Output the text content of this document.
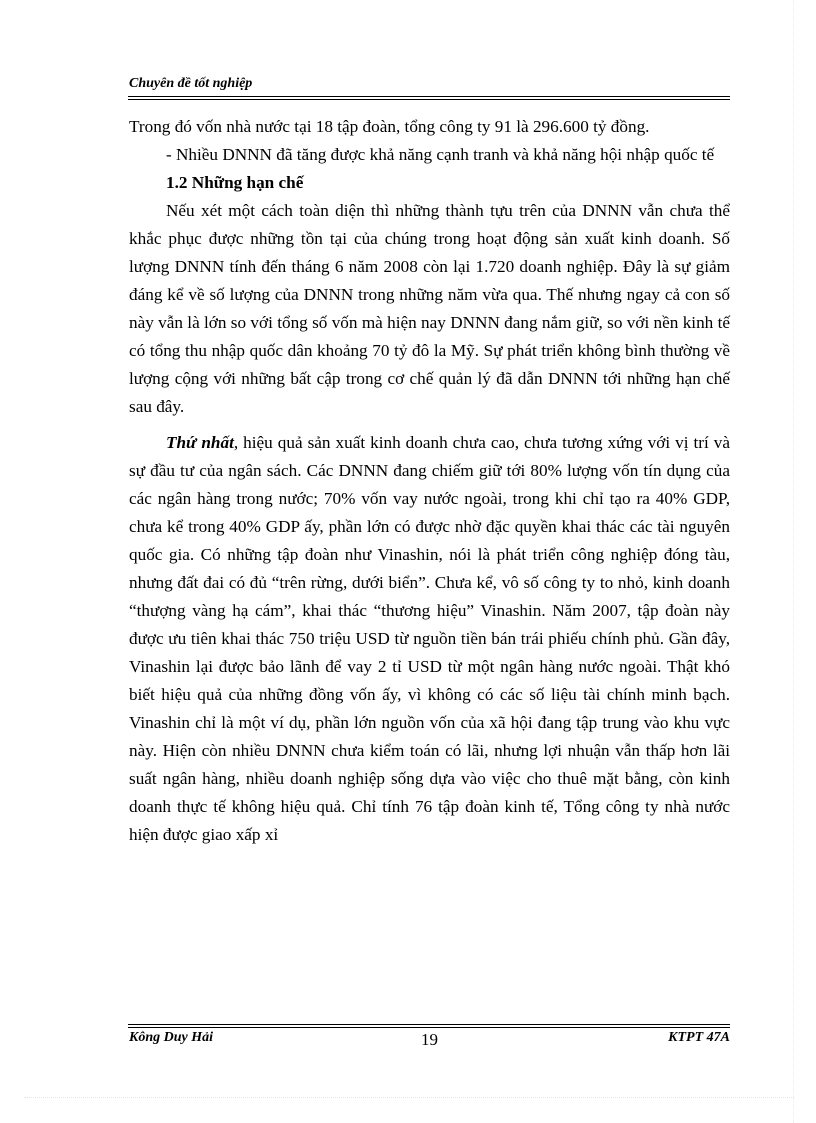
Chuyên đề tốt nghiệp

Trong đó vốn nhà nước tại 18 tập đoàn, tổng công ty 91 là 296.600 tỷ đồng.

- Nhiều DNNN đã tăng được khả năng cạnh tranh và khả năng hội nhập quốc tế

1.2 Những hạn chế

Nếu xét một cách toàn diện thì những thành tựu trên của DNNN vẫn chưa thể khắc phục được những tồn tại của chúng trong hoạt động sản xuất kinh doanh. Số lượng DNNN tính đến tháng 6 năm 2008 còn lại 1.720 doanh nghiệp. Đây là sự giảm đáng kể về số lượng của DNNN trong những năm vừa qua. Thế nhưng ngay cả con số này vẫn là lớn so với tổng số vốn mà hiện nay DNNN đang nắm giữ, so với nền kinh tế có tổng thu nhập quốc dân khoảng 70 tỷ đô la Mỹ. Sự phát triển không bình thường về lượng cộng với những bất cập trong cơ chế quản lý đã dẫn DNNN tới những hạn chế sau đây.

Thứ nhất, hiệu quả sản xuất kinh doanh chưa cao, chưa tương xứng với vị trí và sự đầu tư của ngân sách. Các DNNN đang chiếm giữ tới 80% lượng vốn tín dụng của các ngân hàng trong nước; 70% vốn vay nước ngoài, trong khi chỉ tạo ra 40% GDP, chưa kể trong 40% GDP ấy, phần lớn có được nhờ đặc quyền khai thác các tài nguyên quốc gia. Có những tập đoàn như Vinashin, nói là phát triển công nghiệp đóng tàu, nhưng đất đai có đủ “trên rừng, dưới biển”. Chưa kể, vô số công ty to nhỏ, kinh doanh “thượng vàng hạ cám”, khai thác “thương hiệu” Vinashin. Năm 2007, tập đoàn này được ưu tiên khai thác 750 triệu USD từ nguồn tiền bán trái phiếu chính phủ. Gần đây, Vinashin lại được bảo lãnh để vay 2 tỉ USD từ một ngân hàng nước ngoài. Thật khó biết hiệu quả của những đồng vốn ấy, vì không có các số liệu tài chính minh bạch. Vinashin chỉ là một ví dụ, phần lớn nguồn vốn của xã hội đang tập trung vào khu vực này. Hiện còn nhiều DNNN chưa kiểm toán có lãi, nhưng lợi nhuận vẫn thấp hơn lãi suất ngân hàng, nhiều doanh nghiệp sống dựa vào việc cho thuê mặt bằng, còn kinh doanh thực tế không hiệu quả. Chỉ tính 76 tập đoàn kinh tế, Tổng công ty nhà nước hiện được giao xấp xỉ

Kông Duy Hải	19	KTPT 47A
